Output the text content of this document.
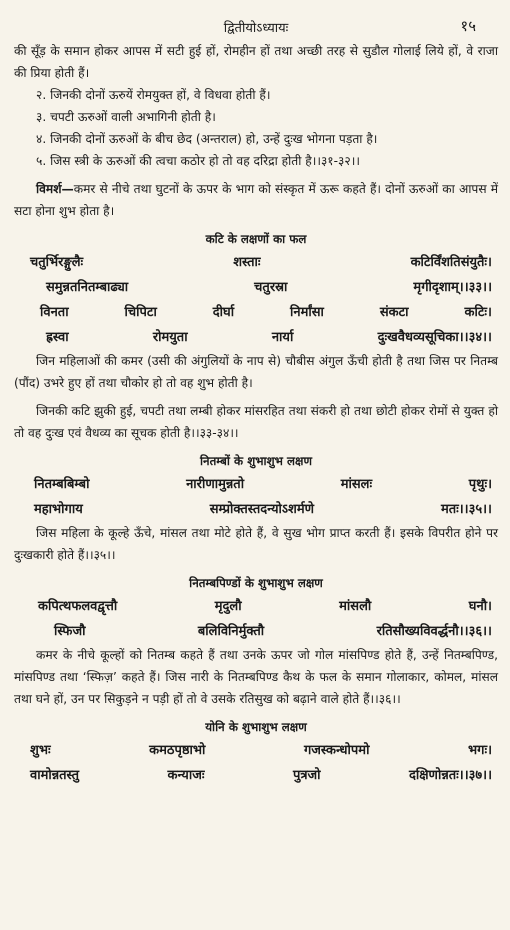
द्वितीयोऽध्यायः	१५

की सूँड़ के समान होकर आपस में सटी हुई हों, रोमहीन हों तथा अच्छी तरह से सुडौल गोलाई लिये हों, वे राजा की प्रिया होती हैं।

२. जिनकी दोनों ऊरुयें रोमयुक्त हों, वे विधवा होती हैं।
३. चपटी ऊरुओं वाली अभागिनी होती है।
४. जिनकी दोनों ऊरुओं के बीच छेद (अन्तराल) हो, उन्हें दुःख भोगना पड़ता है।
५. जिस स्त्री के ऊरुओं की त्वचा कठोर हो तो वह दरिद्रा होती है।।३१-३२।।

विमर्श—कमर से नीचे तथा घुटनों के ऊपर के भाग को संस्कृत में ऊरू कहते हैं। दोनों ऊरुओं का आपस में सटा होना शुभ होता है।

कटि के लक्षणों का फल
चतुर्भिरङ्गुलैः	शस्ताः	कटिर्विंशतिसंयुतैः।
समुन्नतनितम्बाढ्या	चतुरस्रा	मृगीदृशाम्।।३३।।
विनता	चिपिटा	दीर्घा	निर्मांसा	संकटा	कटिः।
ह्रस्वा	रोमयुता	नार्या	दुःखवैधव्यसूचिका।।३४।।

जिन महिलाओं की कमर (उसी की अंगुलियों के नाप से) चौबीस अंगुल ऊँची होती है तथा जिस पर नितम्ब (पौंद) उभरे हुए हों तथा चौकोर हो तो वह शुभ होती है।

जिनकी कटि झुकी हुई, चपटी तथा लम्बी होकर मांसरहित तथा संकरी हो तथा छोटी होकर रोमों से युक्त हो तो वह दुःख एवं वैधव्य का सूचक होती है।।३३-३४।।

नितम्बों के शुभाशुभ लक्षण
नितम्बबिम्बो	नारीणामुन्नतो	मांसलः	पृथुः।
महाभोगाय	सम्प्रोक्तस्तदन्योऽशर्मणे	मतः।।३५।।

जिस महिला के कूल्हे ऊँचे, मांसल तथा मोटे होते हैं, वे सुख भोग प्राप्त करती हैं। इसके विपरीत होने पर दुःखकारी होते हैं।।३५।।

नितम्बपिण्डों के शुभाशुभ लक्षण
कपित्थफलवद्वृत्तौ	मृदुलौ	मांसलौ	घनौ।
स्फिजौ	बलिविनिर्मुक्तौ	रतिसौख्यविवर्द्धनौ।।३६।।

कमर के नीचे कूल्हों को नितम्ब कहते हैं तथा उनके ऊपर जो गोल मांसपिण्ड होते हैं, उन्हें नितम्बपिण्ड, मांसपिण्ड तथा ‘स्फिज़’ कहते हैं। जिस नारी के नितम्बपिण्ड कैथ के फल के समान गोलाकार, कोमल, मांसल तथा घने हों, उन पर सिकुड़ने न पड़ी हों तो वे उसके रतिसुख को बढ़ाने वाले होते हैं।।३६।।

योनि के शुभाशुभ लक्षण
शुभः	कमठपृष्ठाभो	गजस्कन्धोपमो	भगः।
वामोन्नतस्तु	कन्याजः	पुत्रजो	दक्षिणोन्नतः।।३७।।
